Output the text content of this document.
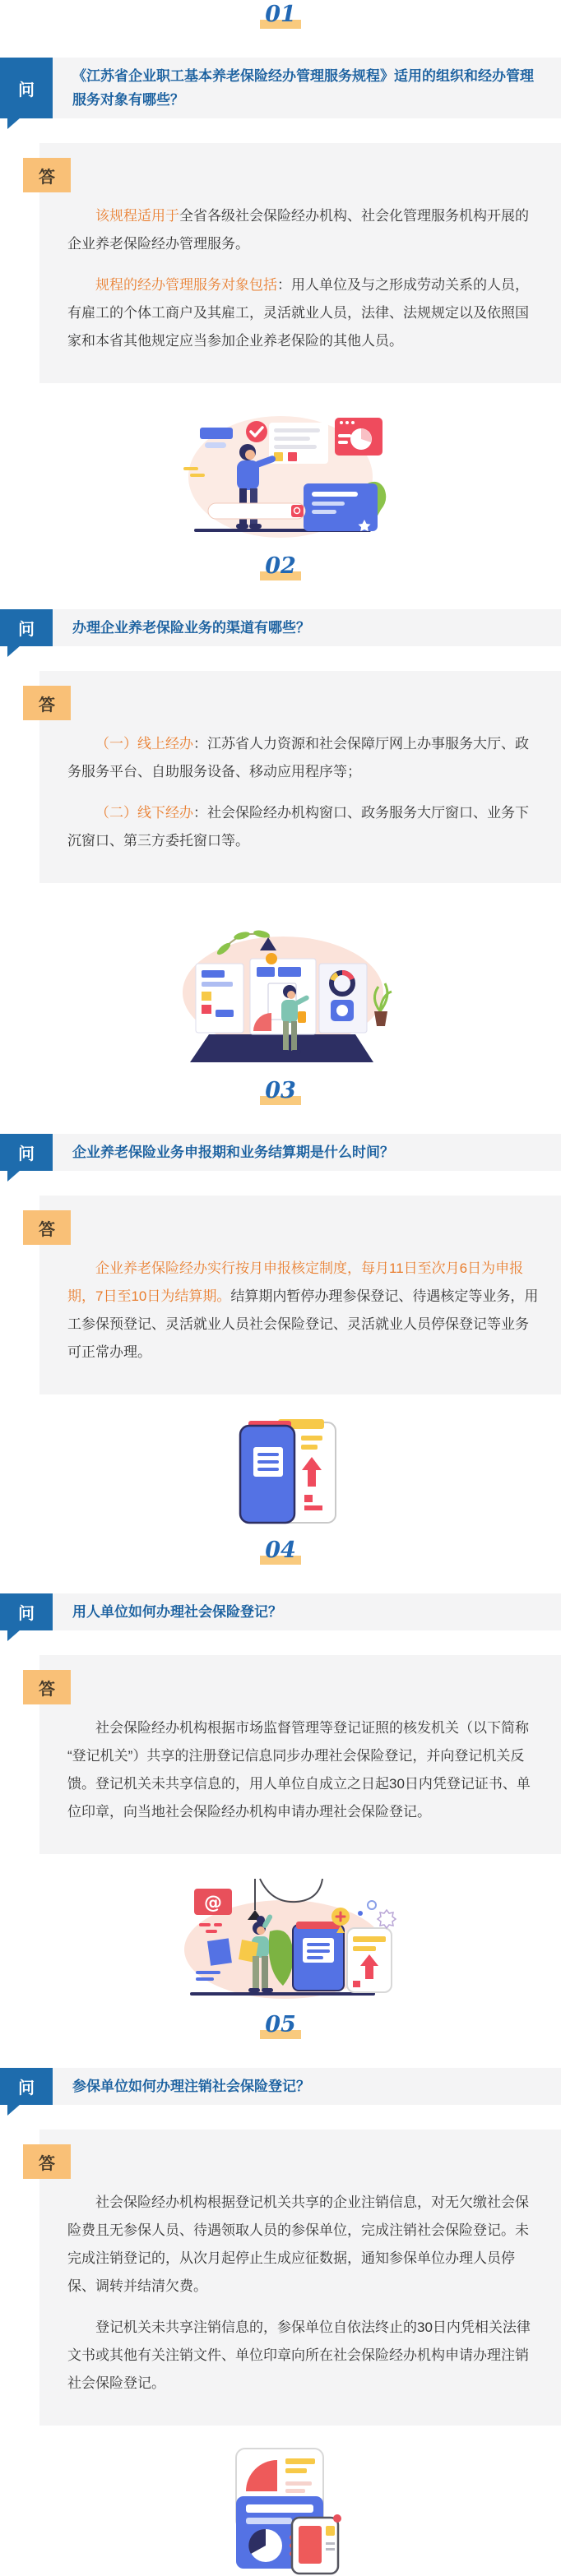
01
问
《江苏省企业职工基本养老保险经办管理服务规程》适用的组织和经办管理服务对象有哪些？
答

该规程适用于全省各级社会保险经办机构、社会化管理服务机构开展的企业养老保险经办管理服务。

规程的经办管理服务对象包括：用人单位及与之形成劳动关系的人员，有雇工的个体工商户及其雇工，灵活就业人员，法律、法规规定以及依照国家和本省其他规定应当参加企业养老保险的其他人员。

02
问	办理企业养老保险业务的渠道有哪些？
答

（一）线上经办：江苏省人力资源和社会保障厅网上办事服务大厅、政务服务平台、自助服务设备、移动应用程序等；

（二）线下经办：社会保险经办机构窗口、政务服务大厅窗口、业务下沉窗口、第三方委托窗口等。

03
问	企业养老保险业务申报期和业务结算期是什么时间？
答

企业养老保险经办实行按月申报核定制度，每月11日至次月6日为申报期，7日至10日为结算期。结算期内暂停办理参保登记、待遇核定等业务，用工参保预登记、灵活就业人员社会保险登记、灵活就业人员停保登记等业务可正常办理。

04
问	用人单位如何办理社会保险登记？
答

社会保险经办机构根据市场监督管理等登记证照的核发机关（以下简称“登记机关”）共享的注册登记信息同步办理社会保险登记，并向登记机关反馈。登记机关未共享信息的，用人单位自成立之日起30日内凭登记证书、单位印章，向当地社会保险经办机构申请办理社会保险登记。

@
05
问	参保单位如何办理注销社会保险登记？
答

社会保险经办机构根据登记机关共享的企业注销信息，对无欠缴社会保险费且无参保人员、待遇领取人员的参保单位，完成注销社会保险登记。未完成注销登记的，从次月起停止生成应征数据，通知参保单位办理人员停保、调转并结清欠费。

登记机关未共享注销信息的，参保单位自依法终止的30日内凭相关法律文书或其他有关注销文件、单位印章向所在社会保险经办机构申请办理注销社会保险登记。
